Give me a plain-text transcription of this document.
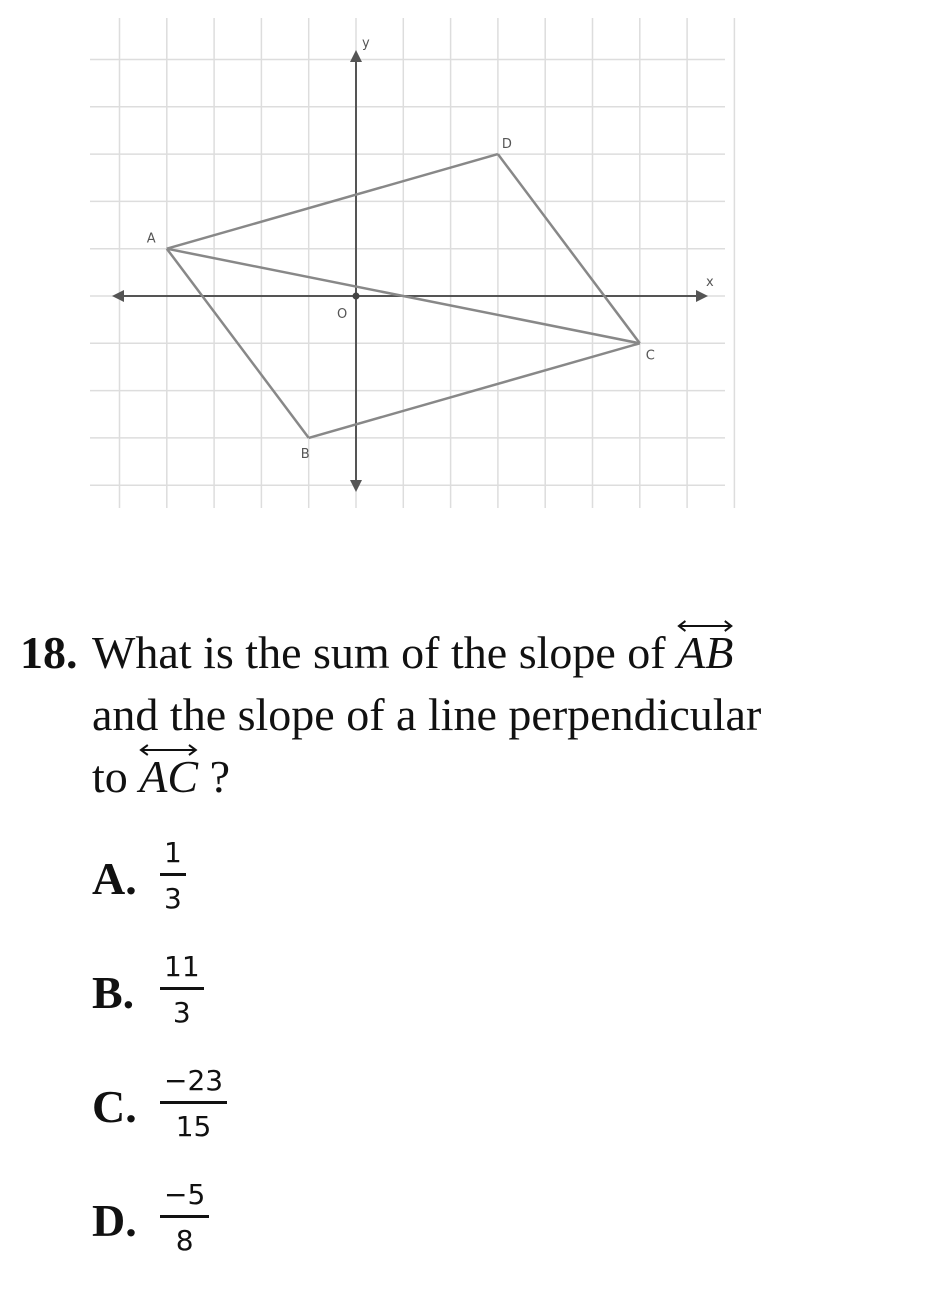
x
y
O
A
B
C
D
18. What is the sum of the slope of AB
and the slope of a line perpendicular
to AC ?
A.
1
3
B.
11
3
C.
−23
15
D.
−5
8
